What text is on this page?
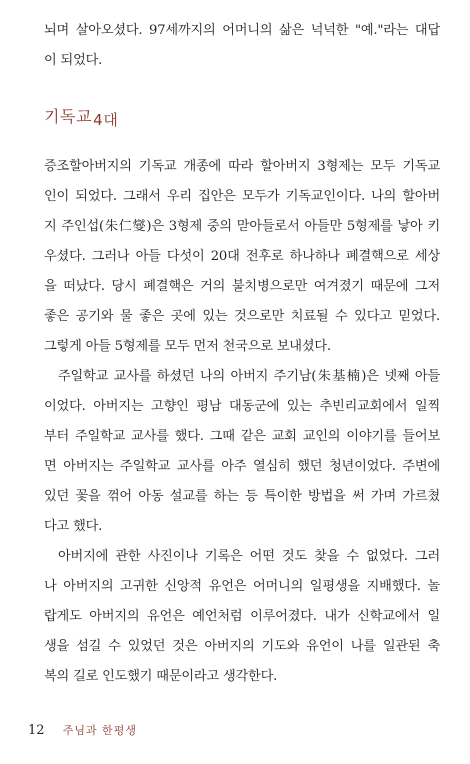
뇌며 살아오셨다. 97세까지의 어머니의 삶은 넉넉한 "예."라는 대답
이 되었다.
기독교4대
증조할아버지의 기독교 개종에 따라 할아버지 3형제는 모두 기독교
인이 되었다. 그래서 우리 집안은 모두가 기독교인이다. 나의 할아버
지 주인섭(朱仁燮)은 3형제 중의 맏아들로서 아들만 5형제를 낳아 키
우셨다. 그러나 아들 다섯이 20대 전후로 하나하나 폐결핵으로 세상
을 떠났다. 당시 폐결핵은 거의 불치병으로만 여겨졌기 때문에 그저
좋은 공기와 물 좋은 곳에 있는 것으로만 치료될 수 있다고 믿었다.
그렇게 아들 5형제를 모두 먼저 천국으로 보내셨다.
주일학교 교사를 하셨던 나의 아버지 주기남(朱基楠)은 넷째 아들
이었다. 아버지는 고향인 평남 대동군에 있는 추빈리교회에서 일찍
부터 주일학교 교사를 했다. 그때 같은 교회 교인의 이야기를 들어보
면 아버지는 주일학교 교사를 아주 열심히 했던 청년이었다. 주변에
있던 꽃을 꺾어 아동 설교를 하는 등 특이한 방법을 써 가며 가르쳤
다고 했다.
아버지에 관한 사진이나 기록은 어떤 것도 찾을 수 없었다. 그러
나 아버지의 고귀한 신앙적 유언은 어머니의 일평생을 지배했다. 놀
랍게도 아버지의 유언은 예언처럼 이루어졌다. 내가 신학교에서 일
생을 섬길 수 있었던 것은 아버지의 기도와 유언이 나를 일관된 축
복의 길로 인도했기 때문이라고 생각한다.
12 주님과 한평생
